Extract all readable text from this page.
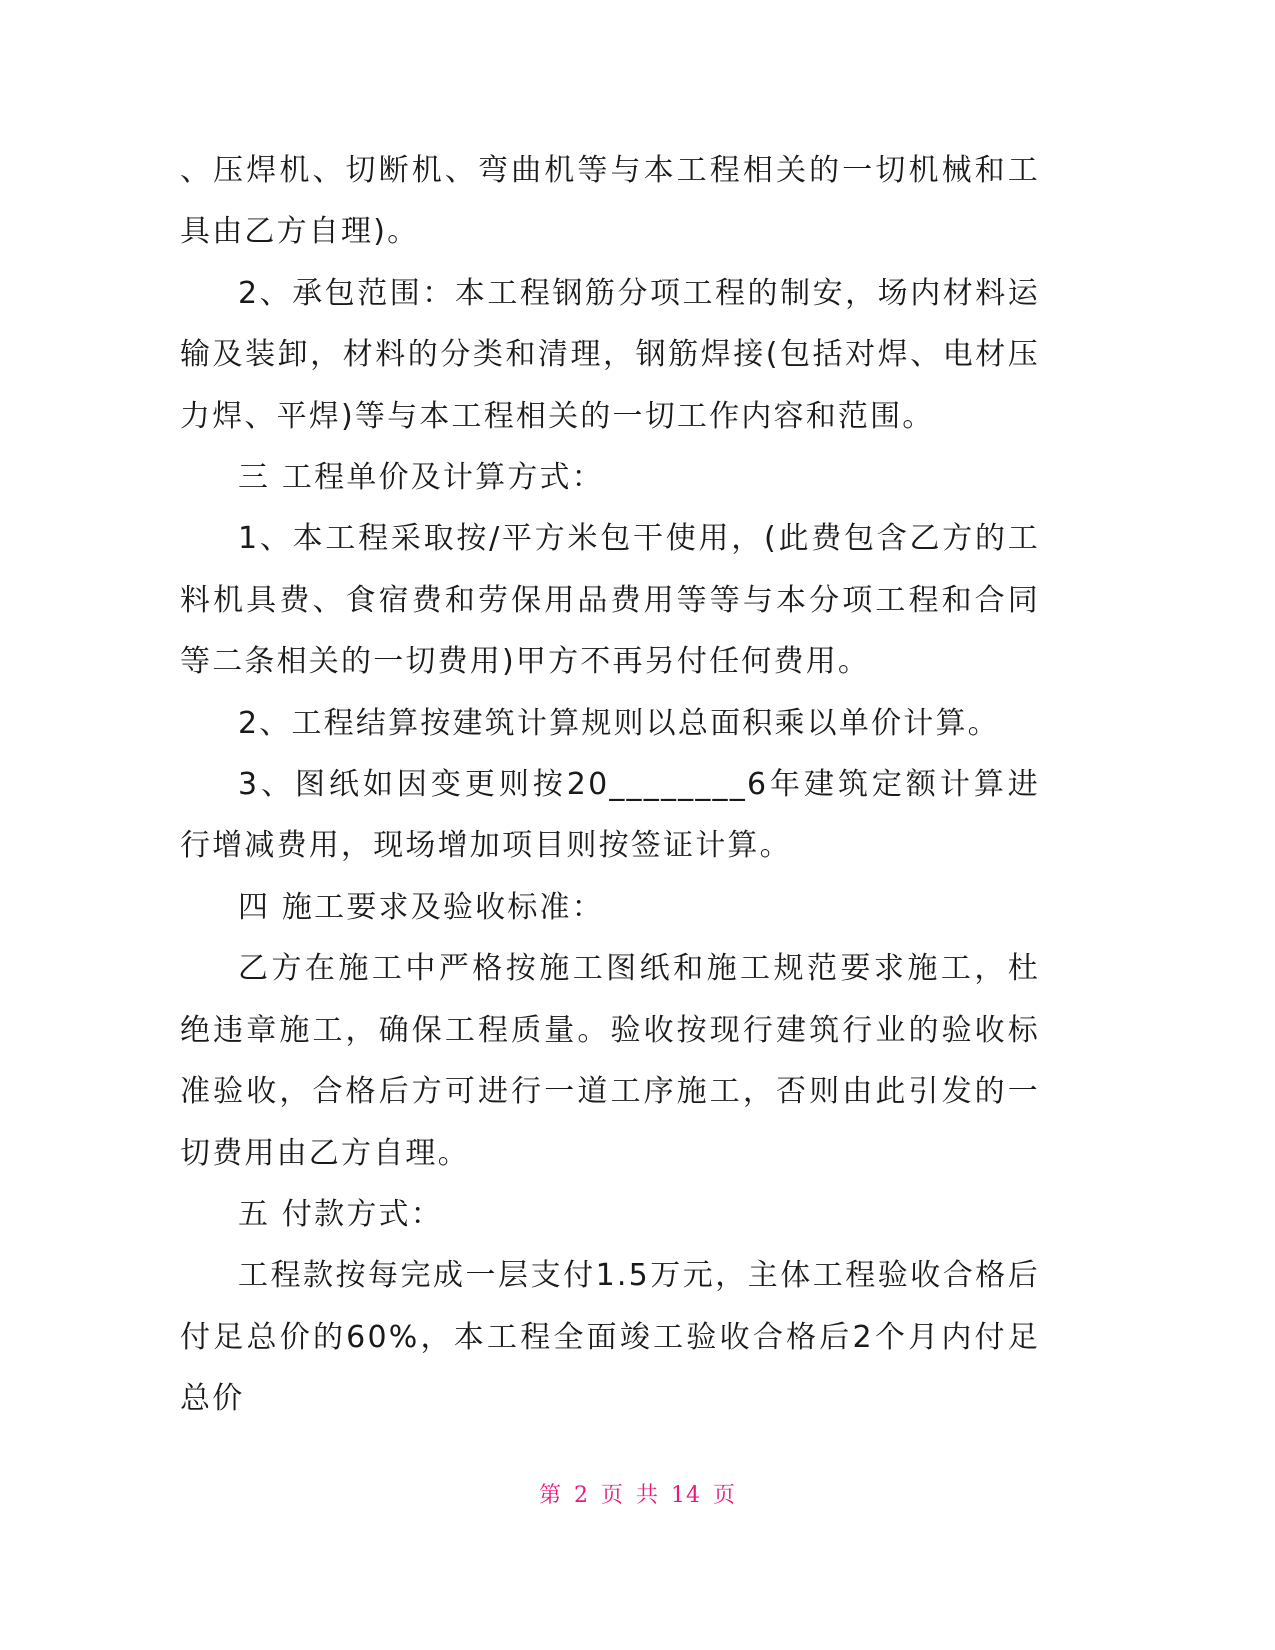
、压焊机、切断机、弯曲机等与本工程相关的一切机械和工具由乙方自理)。

2、承包范围：本工程钢筋分项工程的制安，场内材料运输及装卸，材料的分类和清理，钢筋焊接(包括对焊、电材压力焊、平焊)等与本工程相关的一切工作内容和范围。

三 工程单价及计算方式：

1、本工程采取按/平方米包干使用，(此费包含乙方的工料机具费、食宿费和劳保用品费用等等与本分项工程和合同等二条相关的一切费用)甲方不再另付任何费用。

2、工程结算按建筑计算规则以总面积乘以单价计算。

3、图纸如因变更则按20________6年建筑定额计算进行增减费用，现场增加项目则按签证计算。

四 施工要求及验收标准：

乙方在施工中严格按施工图纸和施工规范要求施工，杜绝违章施工，确保工程质量。验收按现行建筑行业的验收标准验收，合格后方可进行一道工序施工，否则由此引发的一切费用由乙方自理。

五 付款方式：

工程款按每完成一层支付1.5万元，主体工程验收合格后付足总价的60%，本工程全面竣工验收合格后2个月内付足总价

第 2 页 共 14 页
